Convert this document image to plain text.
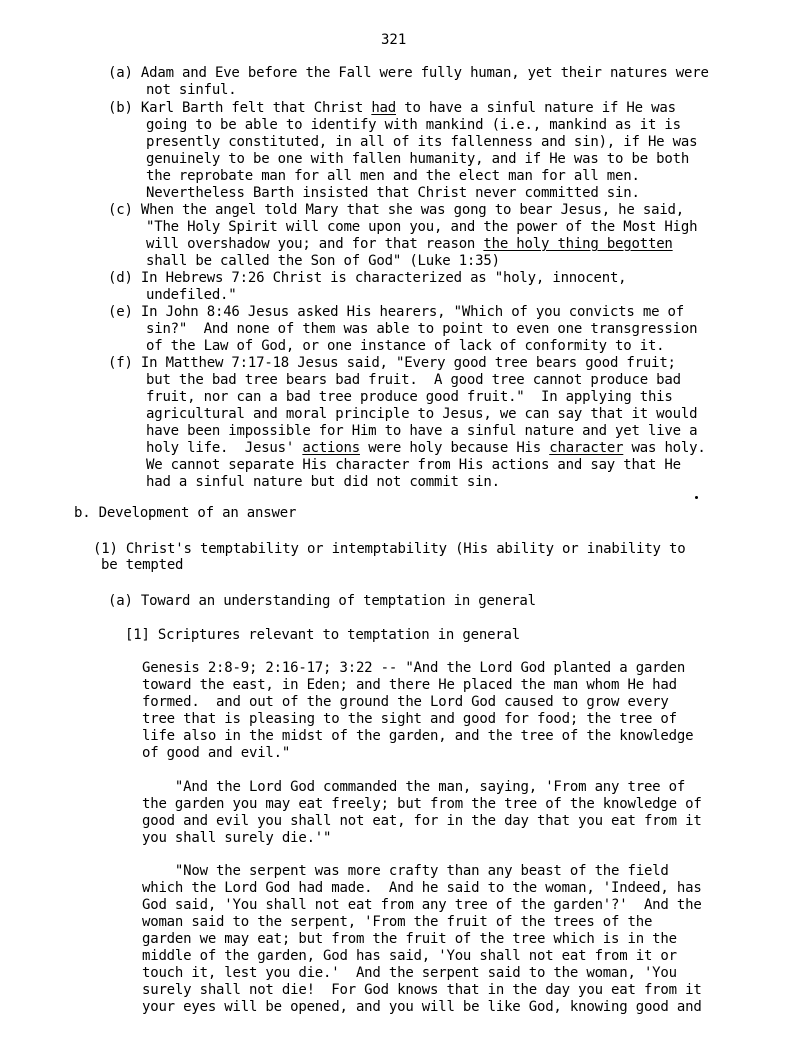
321
(a) Adam and Eve before the Fall were fully human, yet their natures were
not sinful.
(b) Karl Barth felt that Christ had to have a sinful nature if He was
going to be able to identify with mankind (i.e., mankind as it is
presently constituted, in all of its fallenness and sin), if He was
genuinely to be one with fallen humanity, and if He was to be both
the reprobate man for all men and the elect man for all men.
Nevertheless Barth insisted that Christ never committed sin.
(c) When the angel told Mary that she was gong to bear Jesus, he said,
"The Holy Spirit will come upon you, and the power of the Most High
will overshadow you; and for that reason the holy thing begotten
shall be called the Son of God" (Luke 1:35)
(d) In Hebrews 7:26 Christ is characterized as "holy, innocent,
undefiled."
(e) In John 8:46 Jesus asked His hearers, "Which of you convicts me of
sin?"  And none of them was able to point to even one transgression
of the Law of God, or one instance of lack of conformity to it.
(f) In Matthew 7:17-18 Jesus said, "Every good tree bears good fruit;
but the bad tree bears bad fruit.  A good tree cannot produce bad
fruit, nor can a bad tree produce good fruit."  In applying this
agricultural and moral principle to Jesus, we can say that it would
have been impossible for Him to have a sinful nature and yet live a
holy life.  Jesus' actions were holy because His character was holy.
We cannot separate His character from His actions and say that He
had a sinful nature but did not commit sin.
b. Development of an answer
(1) Christ's temptability or intemptability (His ability or inability to
be tempted
(a) Toward an understanding of temptation in general
[1] Scriptures relevant to temptation in general
Genesis 2:8-9; 2:16-17; 3:22 -- "And the Lord God planted a garden
toward the east, in Eden; and there He placed the man whom He had
formed.  and out of the ground the Lord God caused to grow every
tree that is pleasing to the sight and good for food; the tree of
life also in the midst of the garden, and the tree of the knowledge
of good and evil."
"And the Lord God commanded the man, saying, 'From any tree of
the garden you may eat freely; but from the tree of the knowledge of
good and evil you shall not eat, for in the day that you eat from it
you shall surely die.'"
"Now the serpent was more crafty than any beast of the field
which the Lord God had made.  And he said to the woman, 'Indeed, has
God said, 'You shall not eat from any tree of the garden'?'  And the
woman said to the serpent, 'From the fruit of the trees of the
garden we may eat; but from the fruit of the tree which is in the
middle of the garden, God has said, 'You shall not eat from it or
touch it, lest you die.'  And the serpent said to the woman, 'You
surely shall not die!  For God knows that in the day you eat from it
your eyes will be opened, and you will be like God, knowing good and
